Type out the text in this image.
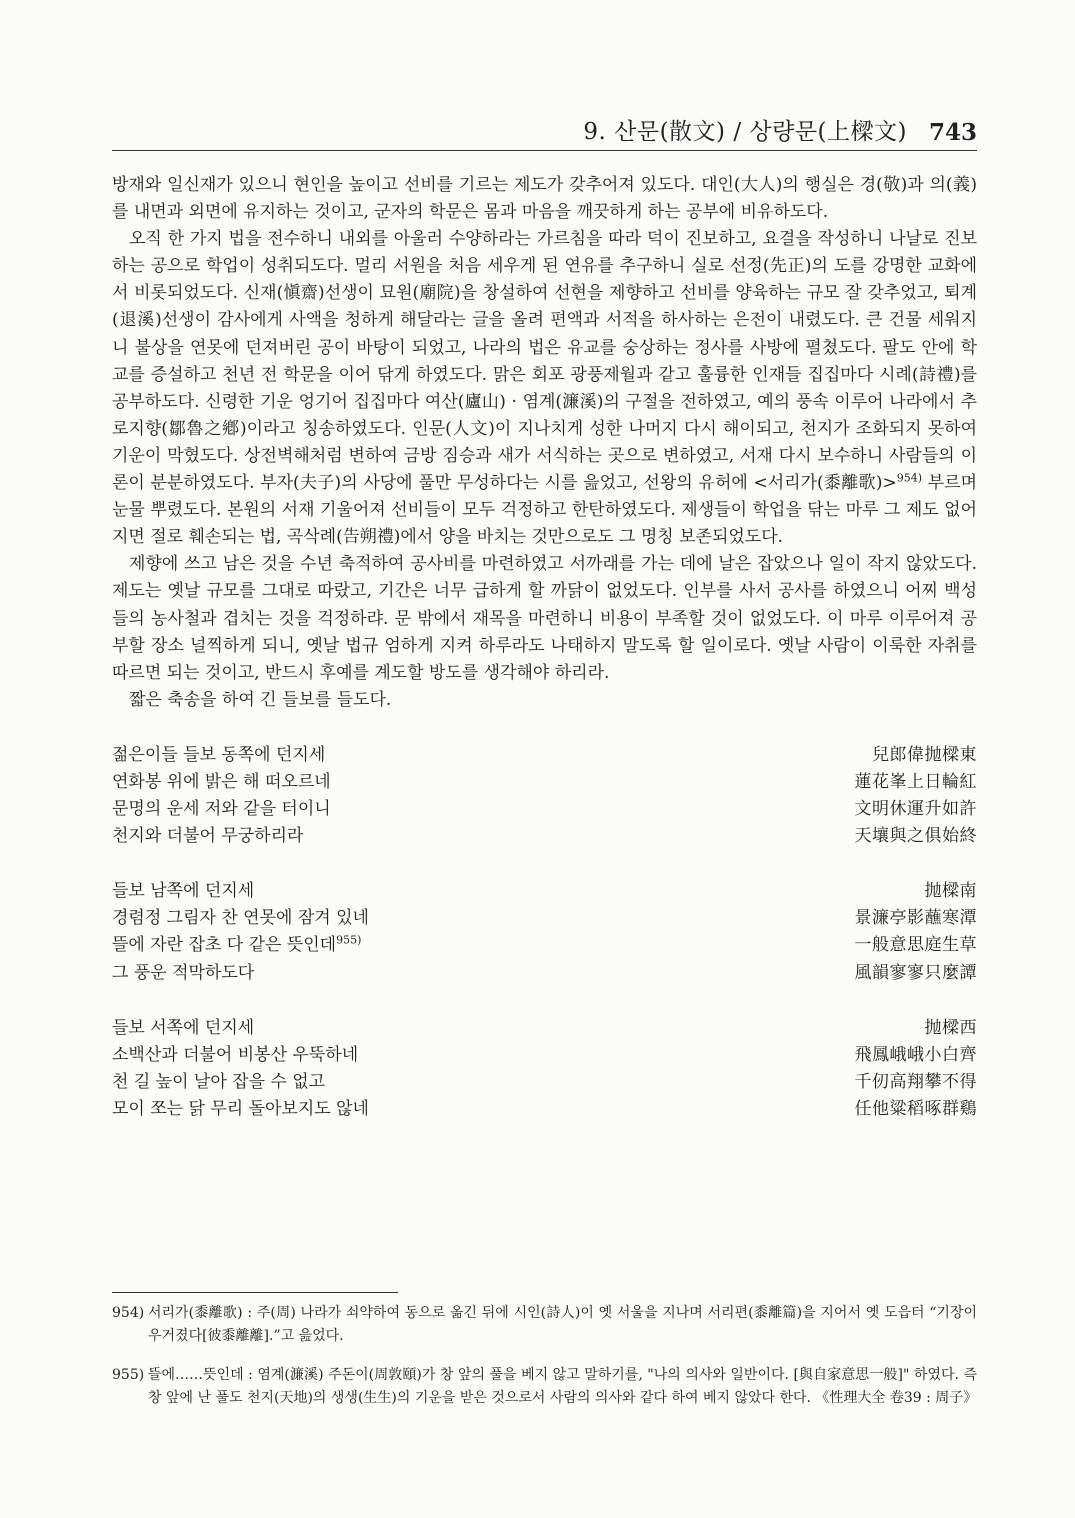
9. 산문(散文) / 상량문(上樑文) 743

방재와 일신재가 있으니 현인을 높이고 선비를 기르는 제도가 갖추어져 있도다. 대인(大人)의 행실은 경(敬)과 의(義)를 내면과 외면에 유지하는 것이고, 군자의 학문은 몸과 마음을 깨끗하게 하는 공부에 비유하도다.

오직 한 가지 법을 전수하니 내외를 아울러 수양하라는 가르침을 따라 덕이 진보하고, 요결을 작성하니 나날로 진보하는 공으로 학업이 성취되도다. 멀리 서원을 처음 세우게 된 연유를 추구하니 실로 선정(先正)의 도를 강명한 교화에서 비롯되었도다. 신재(愼齋)선생이 묘원(廟院)을 창설하여 선현을 제향하고 선비를 양육하는 규모 잘 갖추었고, 퇴계(退溪)선생이 감사에게 사액을 청하게 해달라는 글을 올려 편액과 서적을 하사하는 은전이 내렸도다. 큰 건물 세워지니 불상을 연못에 던져버린 공이 바탕이 되었고, 나라의 법은 유교를 숭상하는 정사를 사방에 펼쳤도다. 팔도 안에 학교를 증설하고 천년 전 학문을 이어 닦게 하였도다. 맑은 회포 광풍제월과 같고 훌륭한 인재들 집집마다 시례(詩禮)를 공부하도다. 신령한 기운 엉기어 집집마다 여산(廬山) · 염계(濂溪)의 구절을 전하였고, 예의 풍속 이루어 나라에서 추로지향(鄒魯之鄕)이라고 칭송하였도다. 인문(人文)이 지나치게 성한 나머지 다시 해이되고, 천지가 조화되지 못하여 기운이 막혔도다. 상전벽해처럼 변하여 금방 짐승과 새가 서식하는 곳으로 변하였고, 서재 다시 보수하니 사람들의 이론이 분분하였도다. 부자(夫子)의 사당에 풀만 무성하다는 시를 읊었고, 선왕의 유허에 <서리가(黍離歌)>$^{954)}$ 부르며 눈물 뿌렸도다. 본원의 서재 기울어져 선비들이 모두 걱정하고 한탄하였도다. 제생들이 학업을 닦는 마루 그 제도 없어지면 절로 훼손되는 법, 곡삭례(告朔禮)에서 양을 바치는 것만으로도 그 명칭 보존되었도다.

제향에 쓰고 남은 것을 수년 축적하여 공사비를 마련하였고 서까래를 가는 데에 날은 잡았으나 일이 작지 않았도다. 제도는 옛날 규모를 그대로 따랐고, 기간은 너무 급하게 할 까닭이 없었도다. 인부를 사서 공사를 하였으니 어찌 백성들의 농사철과 겹치는 것을 걱정하랴. 문 밖에서 재목을 마련하니 비용이 부족할 것이 없었도다. 이 마루 이루어져 공부할 장소 널찍하게 되니, 옛날 법규 엄하게 지켜 하루라도 나태하지 말도록 할 일이로다. 옛날 사람이 이룩한 자취를 따르면 되는 것이고, 반드시 후예를 계도할 방도를 생각해야 하리라.

짧은 축송을 하여 긴 들보를 들도다.

젊은이들 들보 동쪽에 던지세	兒郎偉抛樑東
연화봉 위에 밝은 해 떠오르네	蓮花峯上日輪紅
문명의 운세 저와 같을 터이니	文明休運升如許
천지와 더불어 무궁하리라	天壤與之俱始終
들보 남쪽에 던지세	抛樑南
경렴정 그림자 찬 연못에 잠겨 있네	景濂亭影蘸寒潭
뜰에 자란 잡초 다 같은 뜻인데$^{955)}$	一般意思庭生草
그 풍운 적막하도다	風韻寥寥只麼譚
들보 서쪽에 던지세	抛樑西
소백산과 더불어 비봉산 우뚝하네	飛鳳峨峨小白齊
천 길 높이 날아 잡을 수 없고	千仞高翔攀不得
모이 쪼는 닭 무리 돌아보지도 않네	任他粱稻啄群鷄
954) 서리가(黍離歌) : 주(周) 나라가 쇠약하여 동으로 옮긴 뒤에 시인(詩人)이 옛 서울을 지나며 서리편(黍離篇)을 지어서 옛 도읍터 “기장이 우거졌다[彼黍離離].”고 읊었다.
955) 뜰에……뜻인데 : 염계(濂溪) 주돈이(周敦頤)가 창 앞의 풀을 베지 않고 말하기를, "나의 의사와 일반이다. [與自家意思一般]" 하였다. 즉 창 앞에 난 풀도 천지(天地)의 생생(生生)의 기운을 받은 것으로서 사람의 의사와 같다 하여 베지 않았다 한다. 《性理大全 卷39 : 周子》
